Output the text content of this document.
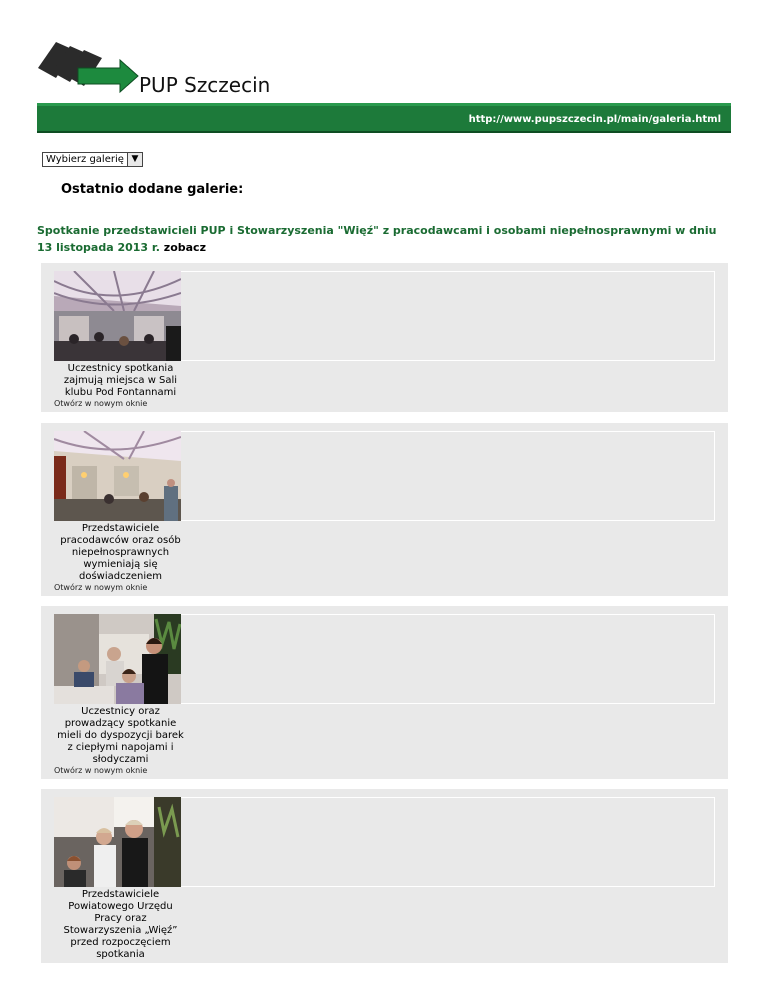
PUP Szczecin
http://www.pupszczecin.pl/main/galeria.html
Wybierz galerię ▼
Ostatnio dodane galerie:
Spotkanie przedstawicieli PUP i Stowarzyszenia "Więź" z pracodawcami i osobami niepełnosprawnymi w dniu 13 listopada 2013 r. zobacz
Uczestnicy spotkania zajmują miejsca w Sali klubu Pod Fontannami
Otwórz w nowym oknie
Przedstawiciele pracodawców oraz osób niepełnosprawnych wymieniają się doświadczeniem
Otwórz w nowym oknie
Uczestnicy oraz prowadzący spotkanie mieli do dyspozycji barek z ciepłymi napojami i słodyczami
Otwórz w nowym oknie
Przedstawiciele Powiatowego Urzędu Pracy oraz Stowarzyszenia „Więź” przed rozpoczęciem spotkania
